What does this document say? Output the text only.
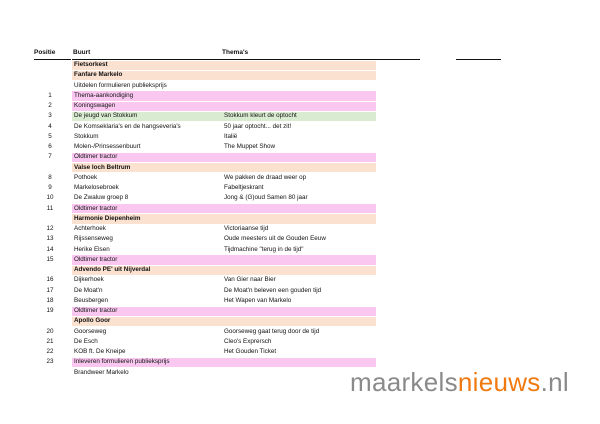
Positie	Buurt	Thema's
Fietsorkest
Fanfare Markelo
Uitdelen formulieren publieksprijs
1	Thema-aankondiging
2	Koningswagen
3	De jeugd van Stokkum	Stokkum kleurt de optocht
4	De Komseklaria's en de hangseveria's	50 jaar optocht... det zit!
5	Stokkum	Italië
6	Molen-/Prinsessenbuurt	The Muppet Show
7	Oldtimer tractor
Valse loch Beltrum
8	Pothoek	We pakken de draad weer op
9	Markelosebroek	Fabeltjeskrant
10	De Zwaluw groep 8	Jong & (G)oud Samen 80 jaar
11	Oldtimer tractor
Harmonie Diepenheim
12	Achterhoek	Victoriaanse tijd
13	Rijssenseweg	Oude meesters uit de Gouden Eeuw
14	Herike Elsen	Tijdmachine "terug in de tijd"
15	Oldtimer tractor
Advendo PE' uit Nijverdal
16	Dijkerhoek	Van Gier naar Bier
17	De Moat'n	De Moat'n beleven een gouden tijd
18	Beusbergen	Het Wapen van Markelo
19	Oldtimer tractor
Apollo Goor
20	Goorseweg	Goorseweg gaat terug door de tijd
21	De Esch	Cleo's Exprersch
22	KOB ft. De Kneipe	Het Gouden Ticket
23	Inleveren formulieren publieksprijs
Brandweer Markelo	maarkelsnieuws.nl
